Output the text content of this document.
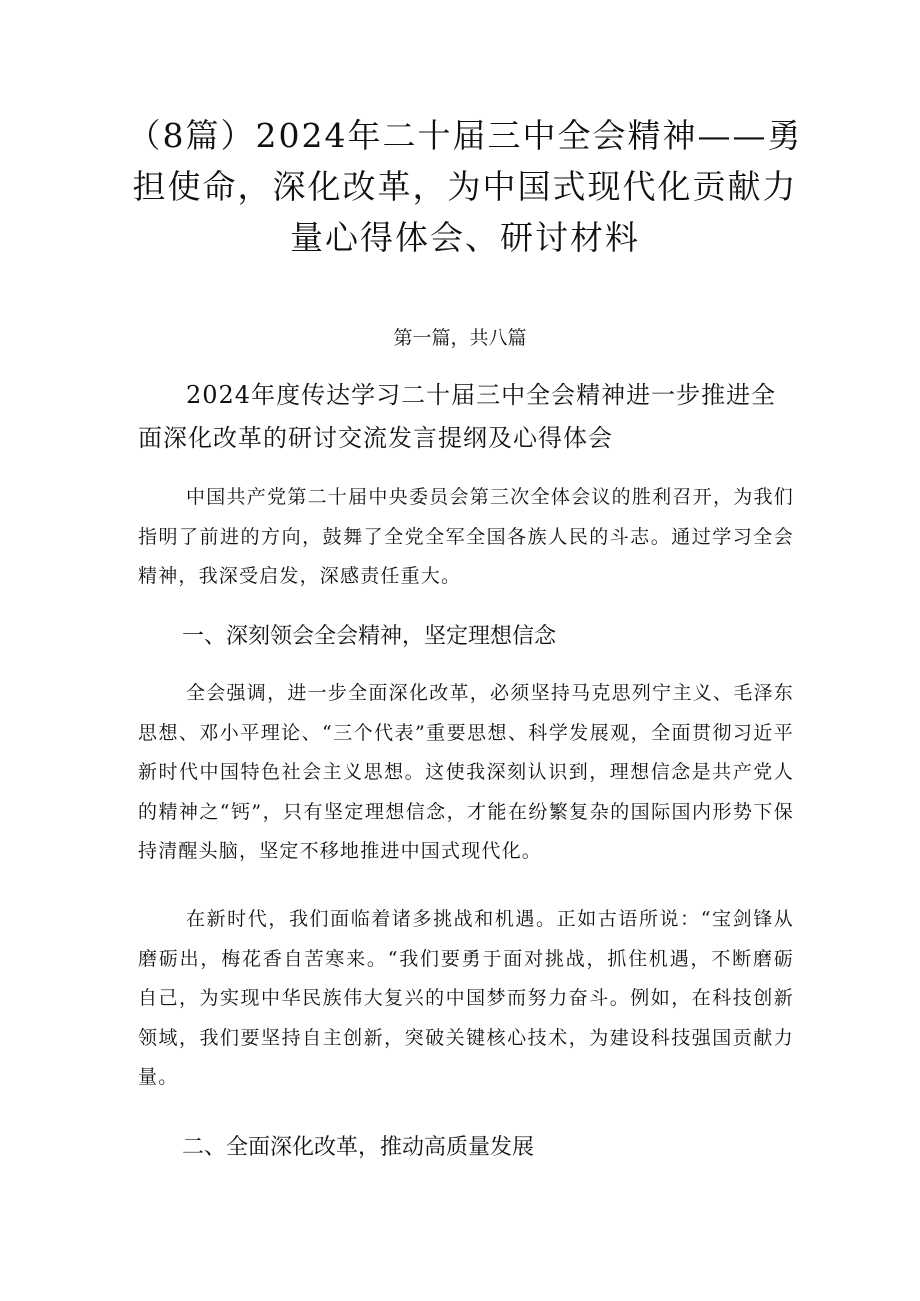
（8篇）2024年二十届三中全会精神——勇担使命，深化改革，为中国式现代化贡献力量心得体会、研讨材料
第一篇，共八篇
2024年度传达学习二十届三中全会精神进一步推进全面深化改革的研讨交流发言提纲及心得体会

中国共产党第二十届中央委员会第三次全体会议的胜利召开，为我们指明了前进的方向，鼓舞了全党全军全国各族人民的斗志。通过学习全会精神，我深受启发，深感责任重大。

一、深刻领会全会精神，坚定理想信念

全会强调，进一步全面深化改革，必须坚持马克思列宁主义、毛泽东思想、邓小平理论、“三个代表”重要思想、科学发展观，全面贯彻习近平新时代中国特色社会主义思想。这使我深刻认识到，理想信念是共产党人的精神之“钙”，只有坚定理想信念，才能在纷繁复杂的国际国内形势下保持清醒头脑，坚定不移地推进中国式现代化。

在新时代，我们面临着诸多挑战和机遇。正如古语所说：“宝剑锋从磨砺出，梅花香自苦寒来。“我们要勇于面对挑战，抓住机遇，不断磨砺自己，为实现中华民族伟大复兴的中国梦而努力奋斗。例如，在科技创新领域，我们要坚持自主创新，突破关键核心技术，为建设科技强国贡献力量。

二、全面深化改革，推动高质量发展
